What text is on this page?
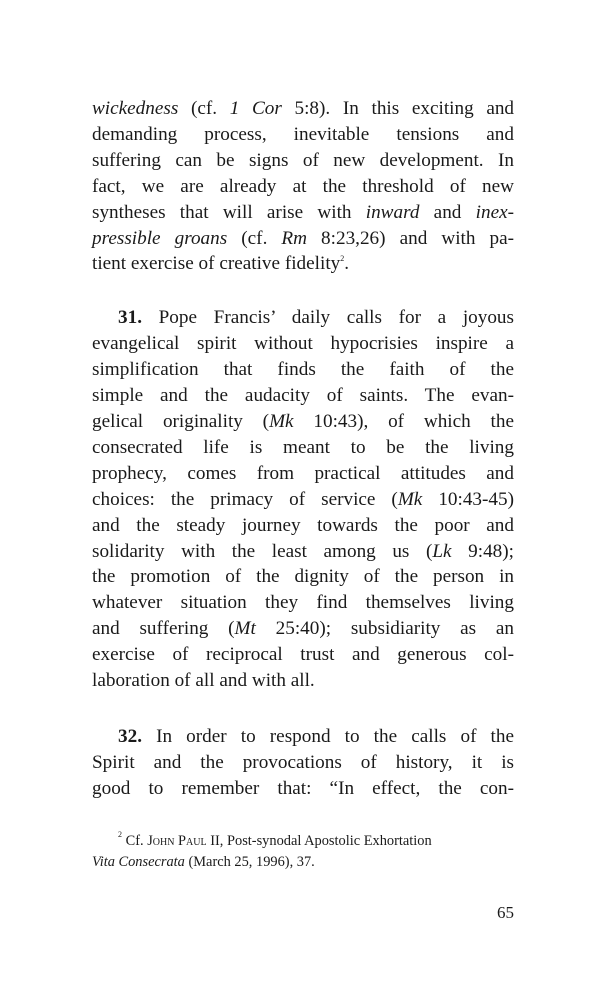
wickedness (cf. 1 Cor 5:8). In this exciting and
demanding process, inevitable tensions and
suffering can be signs of new development. In
fact, we are already at the threshold of new
syntheses that will arise with inward and inex-
pressible groans (cf. Rm 8:23,26) and with pa-
tient exercise of creative fidelity$^2$.

31. Pope Francis’ daily calls for a joyous
evangelical spirit without hypocrisies inspire a
simplification that finds the faith of the
simple and the audacity of saints. The evan-
gelical originality (Mk 10:43), of which the
consecrated life is meant to be the living
prophecy, comes from practical attitudes and
choices: the primacy of service (Mk 10:43-45)
and the steady journey towards the poor and
solidarity with the least among us (Lk 9:48);
the promotion of the dignity of the person in
whatever situation they find themselves living
and suffering (Mt 25:40); subsidiarity as an
exercise of reciprocal trust and generous col-
laboration of all and with all.

32. In order to respond to the calls of the
Spirit and the provocations of history, it is
good to remember that: “In effect, the con-

$^2$ Cf. John Paul II, Post-synodal Apostolic Exhortation
Vita Consecrata (March 25, 1996), 37.
65
